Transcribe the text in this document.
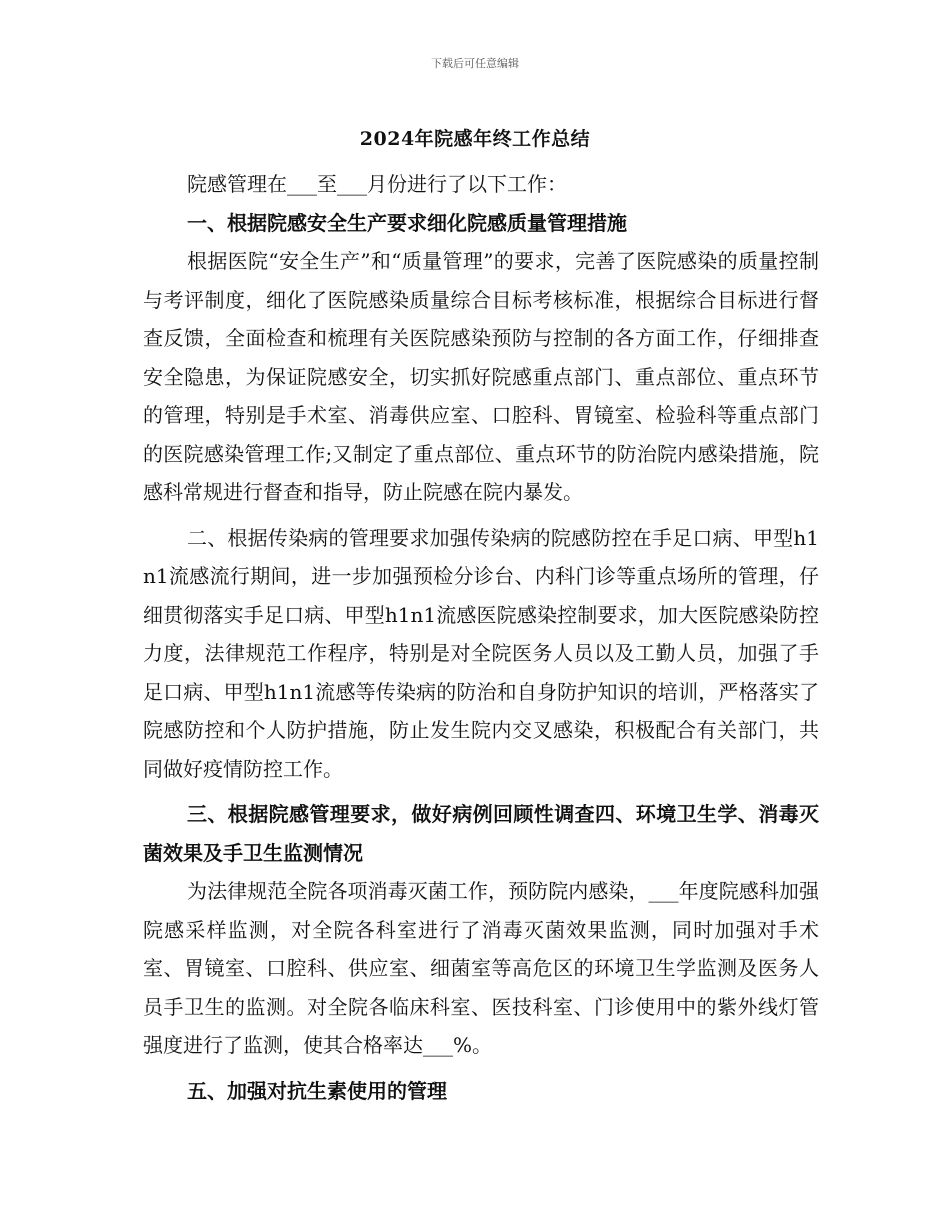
下载后可任意编辑
2024年院感年终工作总结

院感管理在___至___月份进行了以下工作：

一、根据院感安全生产要求细化院感质量管理措施

根据医院“安全生产”和“质量管理”的要求，完善了医院感染的质量控制与考评制度，细化了医院感染质量综合目标考核标准，根据综合目标进行督查反馈，全面检查和梳理有关医院感染预防与控制的各方面工作，仔细排查安全隐患，为保证院感安全，切实抓好院感重点部门、重点部位、重点环节的管理，特别是手术室、消毒供应室、口腔科、胃镜室、检验科等重点部门的医院感染管理工作;又制定了重点部位、重点环节的防治院内感染措施，院感科常规进行督查和指导，防止院感在院内暴发。

二、根据传染病的管理要求加强传染病的院感防控在手足口病、甲型h1n1流感流行期间，进一步加强预检分诊台、内科门诊等重点场所的管理，仔细贯彻落实手足口病、甲型h1n1流感医院感染控制要求，加大医院感染防控力度，法律规范工作程序，特别是对全院医务人员以及工勤人员，加强了手足口病、甲型h1n1流感等传染病的防治和自身防护知识的培训，严格落实了院感防控和个人防护措施，防止发生院内交叉感染，积极配合有关部门，共同做好疫情防控工作。

三、根据院感管理要求，做好病例回顾性调查四、环境卫生学、消毒灭菌效果及手卫生监测情况

为法律规范全院各项消毒灭菌工作，预防院内感染，___年度院感科加强院感采样监测，对全院各科室进行了消毒灭菌效果监测，同时加强对手术室、胃镜室、口腔科、供应室、细菌室等高危区的环境卫生学监测及医务人员手卫生的监测。对全院各临床科室、医技科室、门诊使用中的紫外线灯管强度进行了监测，使其合格率达___%。

五、加强对抗生素使用的管理
